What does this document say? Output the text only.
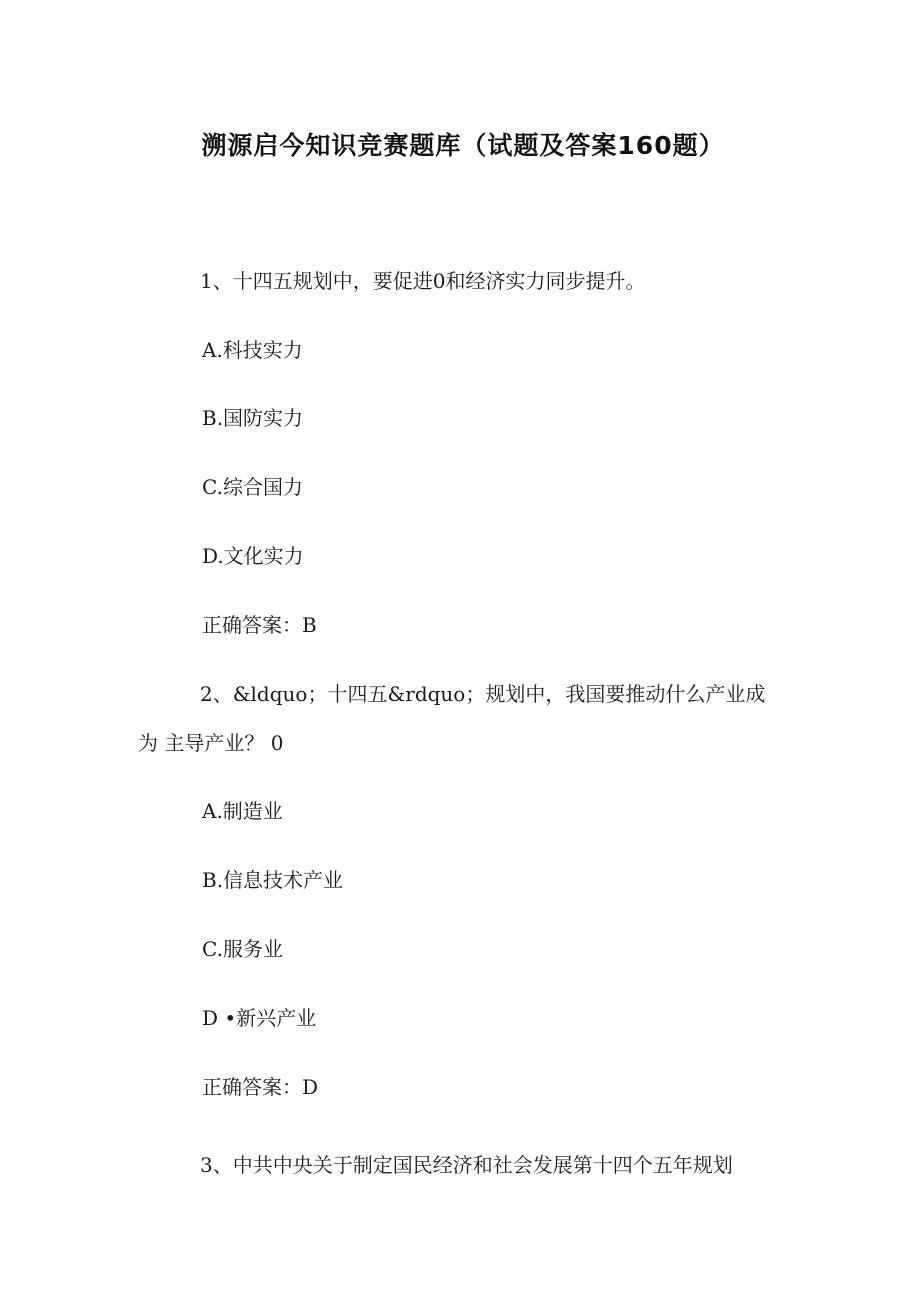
溯源启今知识竞赛题库（试题及答案160题）
1、十四五规划中，要促进0和经济实力同步提升。
A.科技实力
B.国防实力
C.综合国力
D.文化实力
正确答案：B
2、&ldquo；十四五&rdquo；规划中，我国要推动什么产业成
为 主导产业？ 0
A.制造业
B.信息技术产业
C.服务业
D •新兴产业
正确答案：D
3、中共中央关于制定国民经济和社会发展第十四个五年规划
